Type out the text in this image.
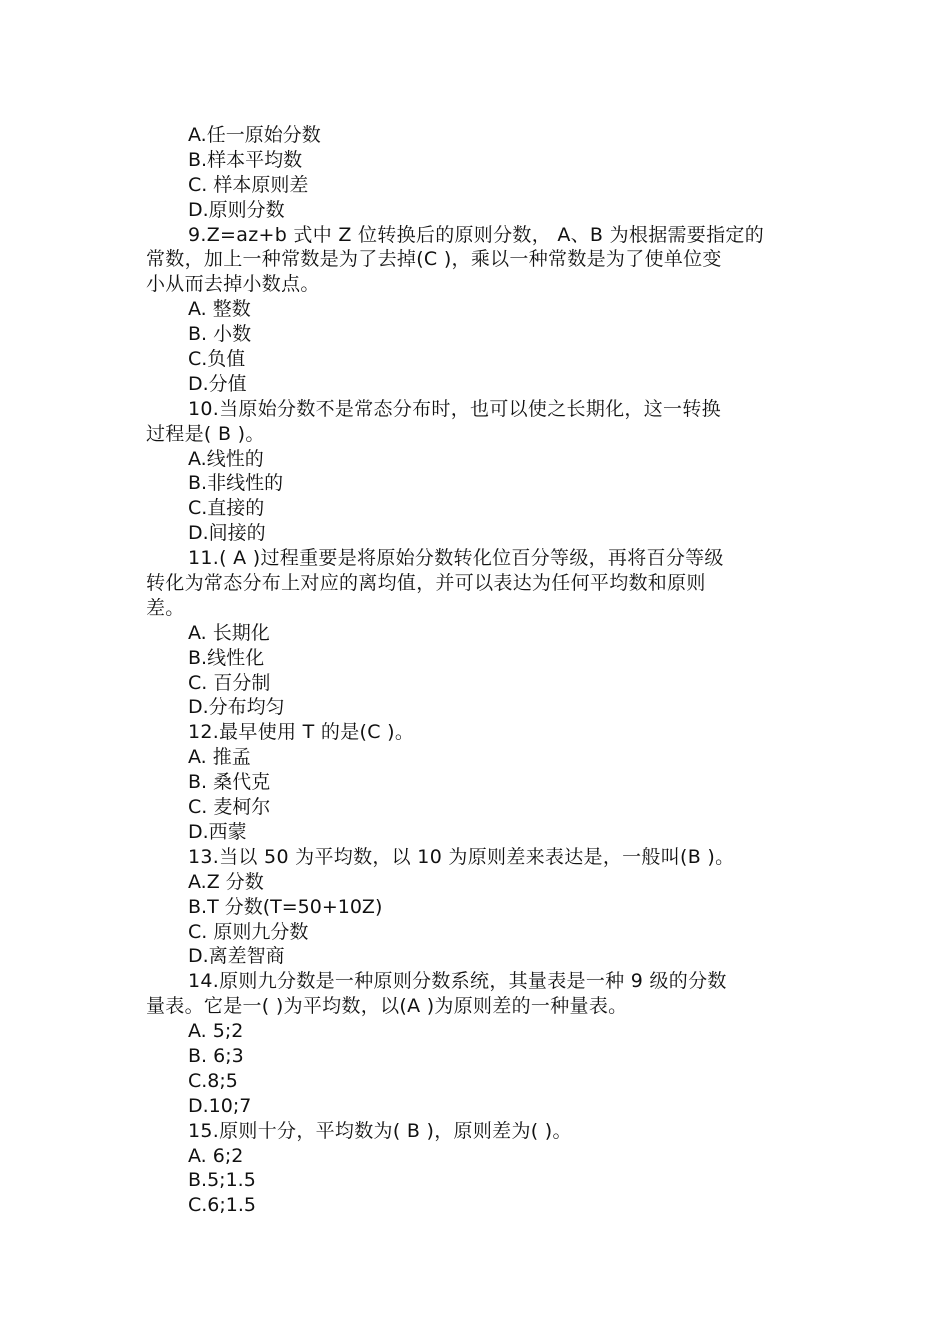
A.任一原始分数
B.样本平均数
C. 样本原则差
D.原则分数
9.Z=az+b 式中 Z 位转换后的原则分数， A、B 为根据需要指定的
常数，加上一种常数是为了去掉(C )，乘以一种常数是为了使单位变
小从而去掉小数点。
A. 整数
B. 小数
C.负值
D.分值
10.当原始分数不是常态分布时，也可以使之长期化，这一转换
过程是( B )。
A.线性的
B.非线性的
C.直接的
D.间接的
11.( A )过程重要是将原始分数转化位百分等级，再将百分等级
转化为常态分布上对应的离均值，并可以表达为任何平均数和原则
差。
A. 长期化
B.线性化
C. 百分制
D.分布均匀
12.最早使用 T 的是(C )。
A. 推孟
B. 桑代克
C. 麦柯尔
D.西蒙
13.当以 50 为平均数，以 10 为原则差来表达是，一般叫(B )。
A.Z 分数
B.T 分数(T=50+10Z)
C. 原则九分数
D.离差智商
14.原则九分数是一种原则分数系统，其量表是一种 9 级的分数
量表。它是一( )为平均数，以(A )为原则差的一种量表。
A. 5;2
B. 6;3
C.8;5
D.10;7
15.原则十分，平均数为( B )，原则差为( )。
A. 6;2
B.5;1.5
C.6;1.5
